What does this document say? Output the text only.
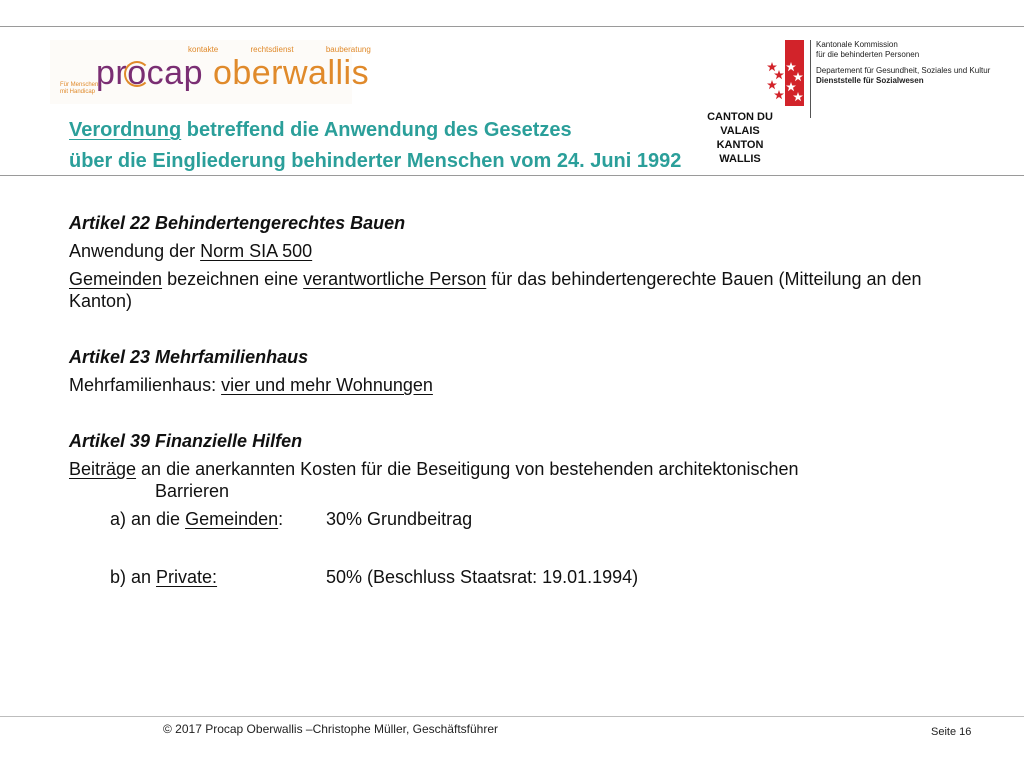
kontakte	rechtsdienst	bauberatung
Für Menschen
mit Handicap procap oberwallis
CANTON DU VALAIS
KANTON WALLIS
Kantonale Kommission
für die behinderten Personen
Departement für Gesundheit, Soziales und Kultur
Dienststelle für Sozialwesen
Verordnung betreffend die Anwendung des Gesetzes
über die Eingliederung behinderter Menschen vom 24. Juni 1992
Artikel 22 Behindertengerechtes Bauen
Anwendung der Norm SIA 500
Gemeinden bezeichnen eine verantwortliche Person für das behindertengerechte Bauen (Mitteilung an den Kanton)
Artikel 23 Mehrfamilienhaus
Mehrfamilienhaus: vier und mehr Wohnungen
Artikel 39 Finanzielle Hilfen
Beiträge an die anerkannten Kosten für die Beseitigung von bestehenden architektonischen
Barrieren
a) an die Gemeinden:	30% Grundbeitrag
b) an Private:	50% (Beschluss Staatsrat: 19.01.1994)
© 2017 Procap Oberwallis –Christophe Müller, Geschäftsführer	Seite 16
